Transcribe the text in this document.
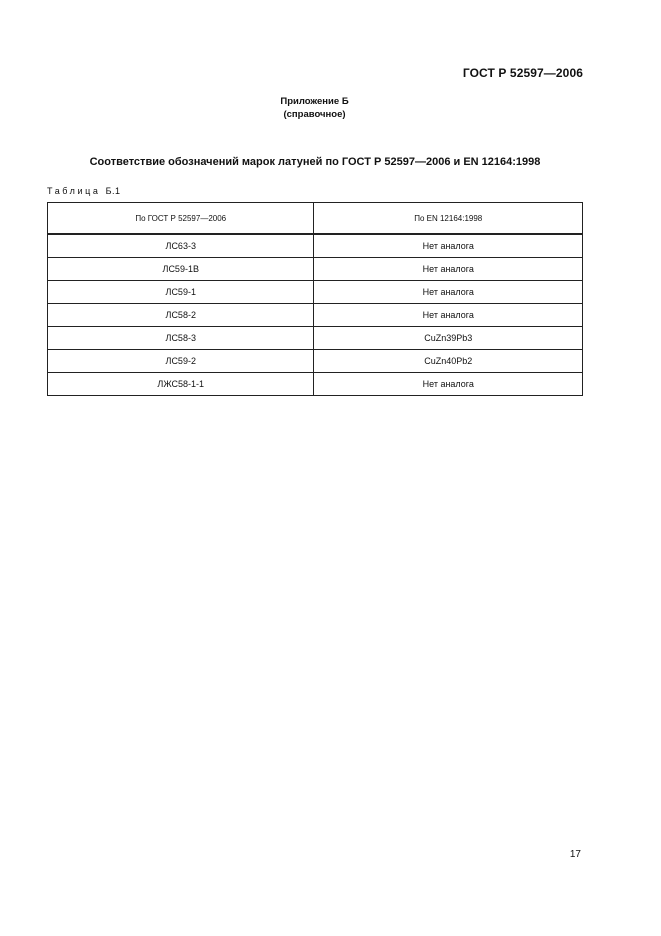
ГОСТ Р 52597—2006
Приложение Б
(справочное)
Соответствие обозначений марок латуней по ГОСТ Р 52597—2006 и EN 12164:1998
Таблица Б.1
По ГОСТ Р 52597—2006	По EN 12164:1998
ЛС63-3	Нет аналога
ЛС59-1В	Нет аналога
ЛС59-1	Нет аналога
ЛС58-2	Нет аналога
ЛС58-3	CuZn39Pb3
ЛС59-2	CuZn40Pb2
ЛЖС58-1-1	Нет аналога
17
